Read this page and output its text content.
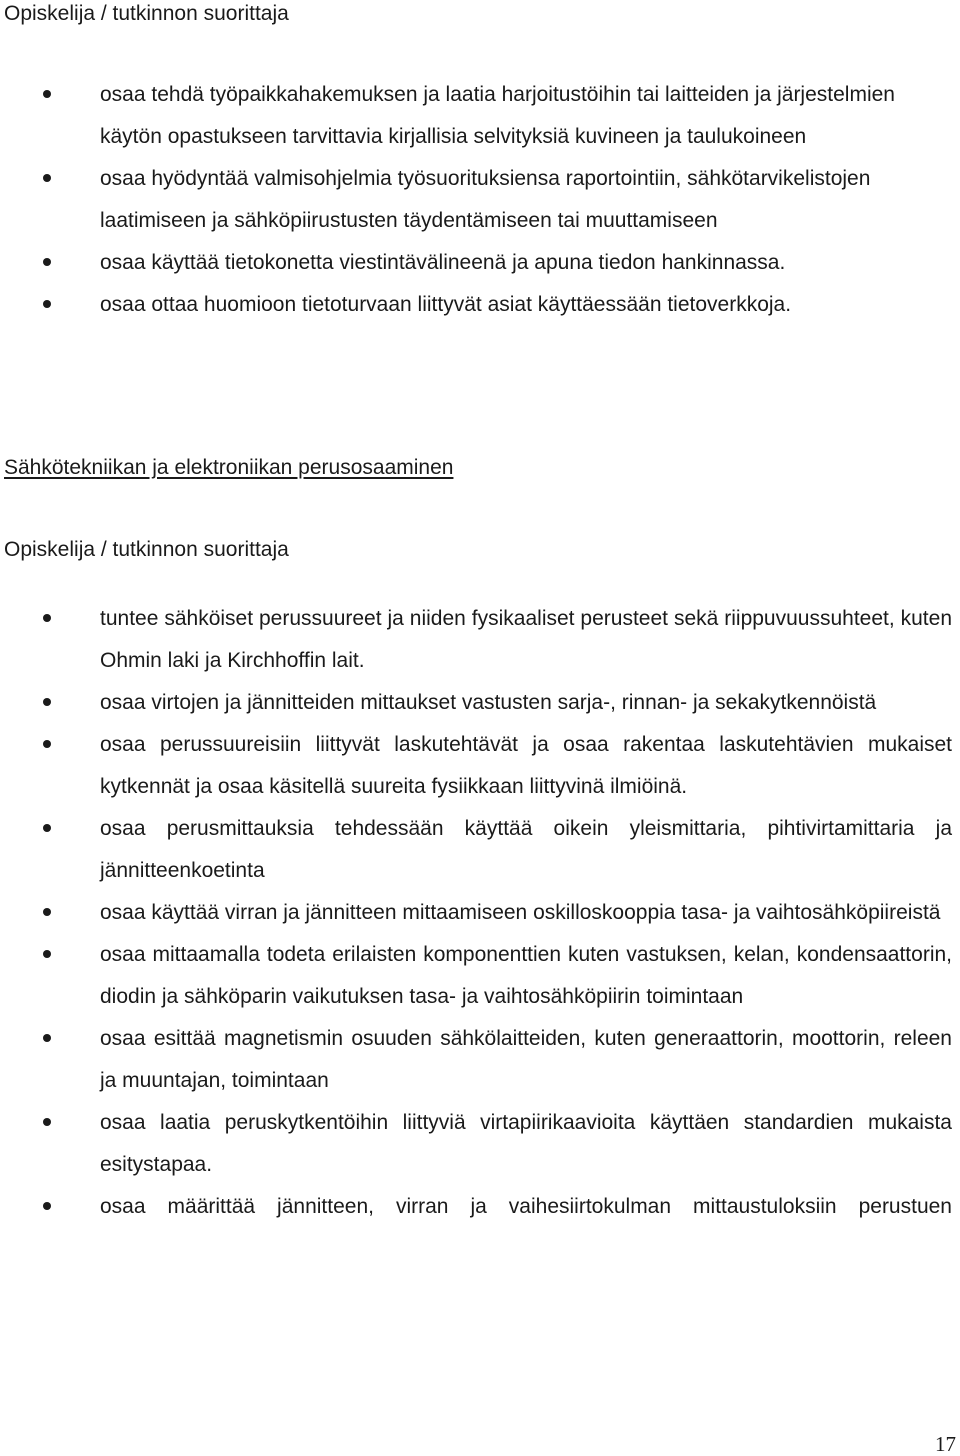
Opiskelija / tutkinnon suorittaja
osaa tehdä työpaikkahakemuksen ja laatia harjoitustöihin tai laitteiden ja järjestelmien käytön opastukseen tarvittavia kirjallisia selvityksiä kuvineen ja taulukoineen
osaa hyödyntää valmisohjelmia työsuorituksiensa raportointiin, sähkötarvikelistojen laatimiseen ja sähköpiirustusten täydentämiseen tai muuttamiseen
osaa käyttää tietokonetta viestintävälineenä ja apuna tiedon hankinnassa.
osaa ottaa huomioon tietoturvaan liittyvät asiat käyttäessään tietoverkkoja.
Sähkötekniikan ja elektroniikan perusosaaminen
Opiskelija / tutkinnon suorittaja
tuntee sähköiset perussuureet ja niiden fysikaaliset perusteet sekä riippuvuussuhteet, kuten Ohmin laki ja Kirchhoffin lait.
osaa virtojen ja jännitteiden mittaukset vastusten sarja-, rinnan- ja sekakytkennöistä
osaa perussuureisiin liittyvät laskutehtävät ja osaa rakentaa laskutehtävien mukaiset kytkennät ja osaa käsitellä suureita fysiikkaan liittyvinä ilmiöinä.
osaa perusmittauksia tehdessään käyttää oikein yleismittaria, pihtivirtamittaria ja jännitteenkoetinta
osaa käyttää virran ja jännitteen mittaamiseen oskilloskooppia tasa- ja vaihtosähköpiireistä
osaa mittaamalla todeta erilaisten komponenttien kuten vastuksen, kelan, kondensaattorin, diodin ja sähköparin vaikutuksen tasa- ja vaihtosähköpiirin toimintaan
osaa esittää magnetismin osuuden sähkölaitteiden, kuten generaattorin, moottorin, releen ja muuntajan, toimintaan
osaa laatia peruskytkentöihin liittyviä virtapiirikaavioita käyttäen standardien mukaista esitystapaa.
osaa määrittää jännitteen, virran ja vaihesiirtokulman mittaustuloksiin perustuen
17
